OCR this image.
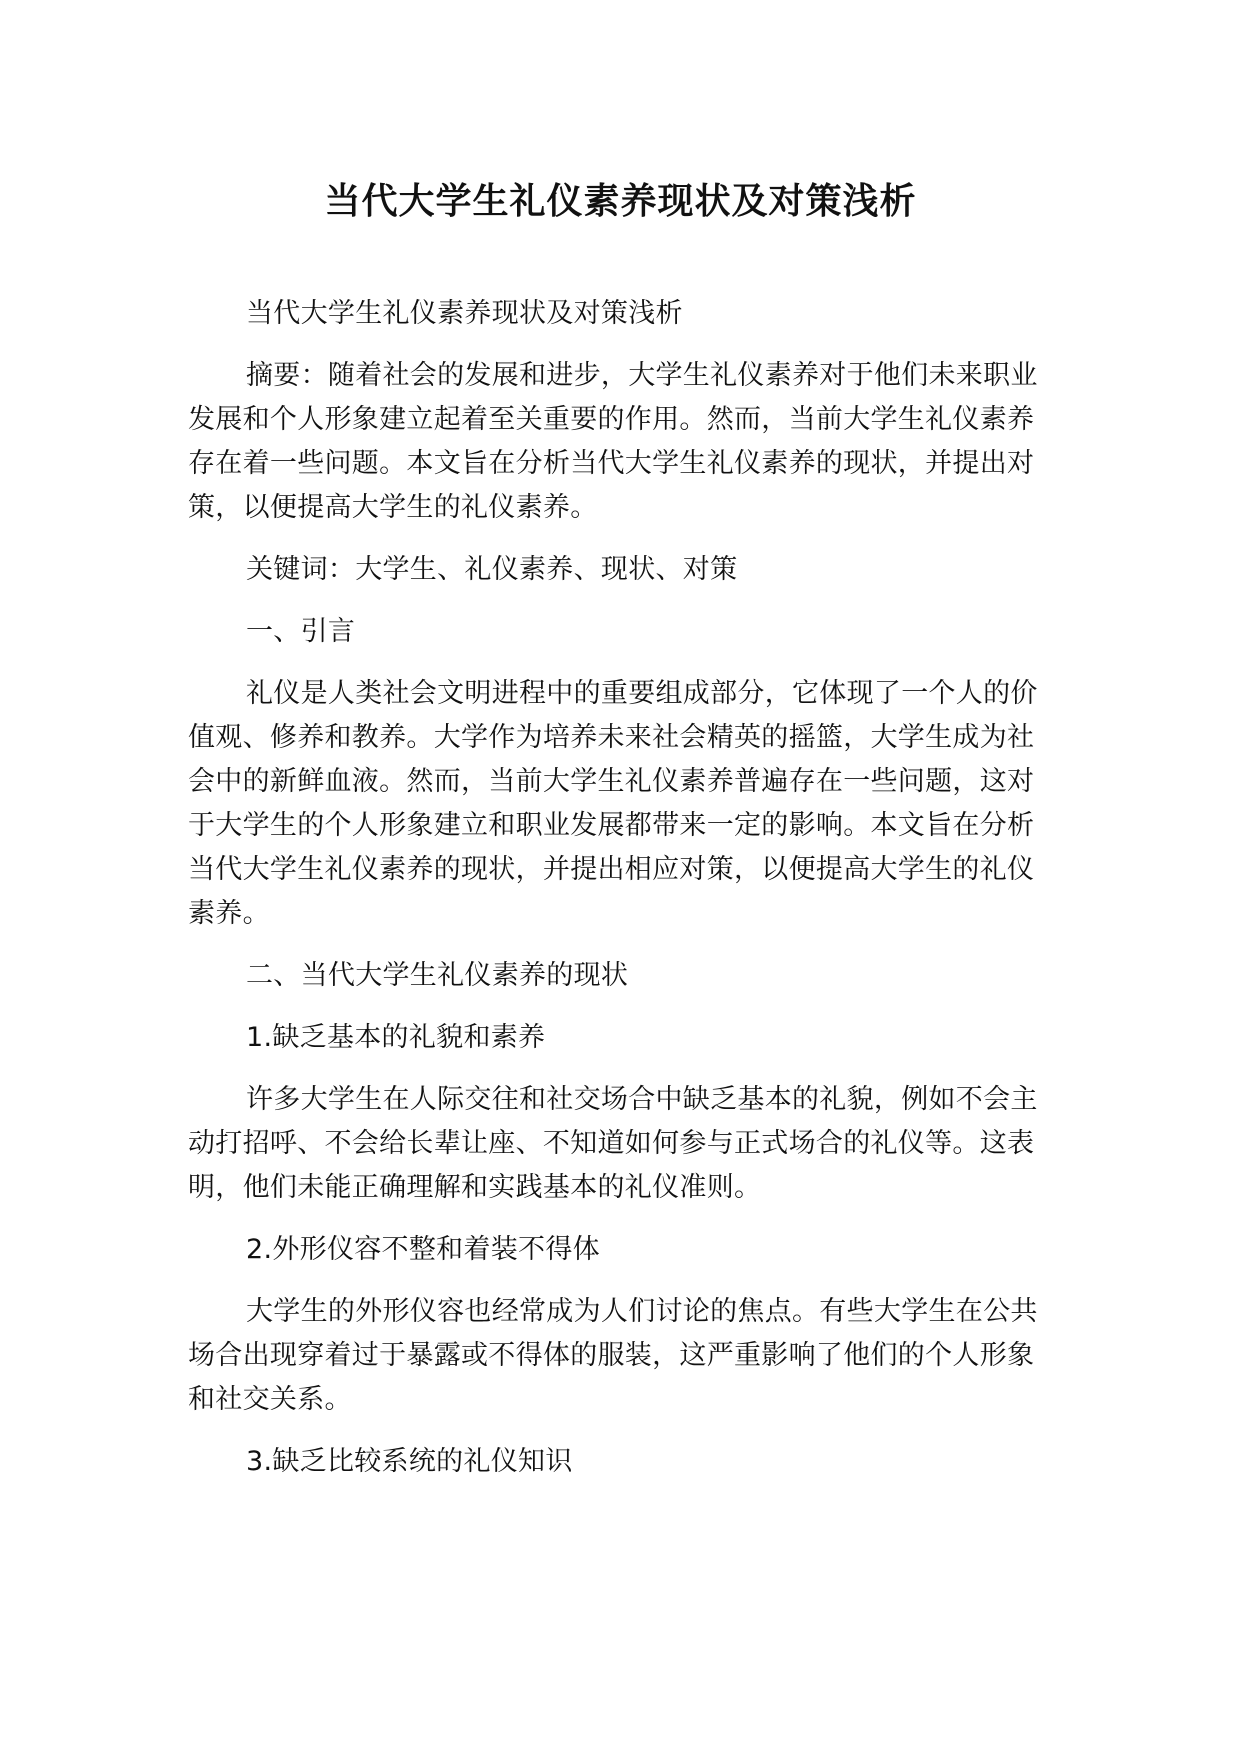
当代大学生礼仪素养现状及对策浅析

当代大学生礼仪素养现状及对策浅析

摘要：随着社会的发展和进步，大学生礼仪素养对于他们未来职业发展和个人形象建立起着至关重要的作用。然而，当前大学生礼仪素养存在着一些问题。本文旨在分析当代大学生礼仪素养的现状，并提出对策，以便提高大学生的礼仪素养。

关键词：大学生、礼仪素养、现状、对策

一、引言

礼仪是人类社会文明进程中的重要组成部分，它体现了一个人的价值观、修养和教养。大学作为培养未来社会精英的摇篮，大学生成为社会中的新鲜血液。然而，当前大学生礼仪素养普遍存在一些问题，这对于大学生的个人形象建立和职业发展都带来一定的影响。本文旨在分析当代大学生礼仪素养的现状，并提出相应对策，以便提高大学生的礼仪素养。

二、当代大学生礼仪素养的现状

1.缺乏基本的礼貌和素养

许多大学生在人际交往和社交场合中缺乏基本的礼貌，例如不会主动打招呼、不会给长辈让座、不知道如何参与正式场合的礼仪等。这表明，他们未能正确理解和实践基本的礼仪准则。

2.外形仪容不整和着装不得体

大学生的外形仪容也经常成为人们讨论的焦点。有些大学生在公共场合出现穿着过于暴露或不得体的服装，这严重影响了他们的个人形象和社交关系。

3.缺乏比较系统的礼仪知识
